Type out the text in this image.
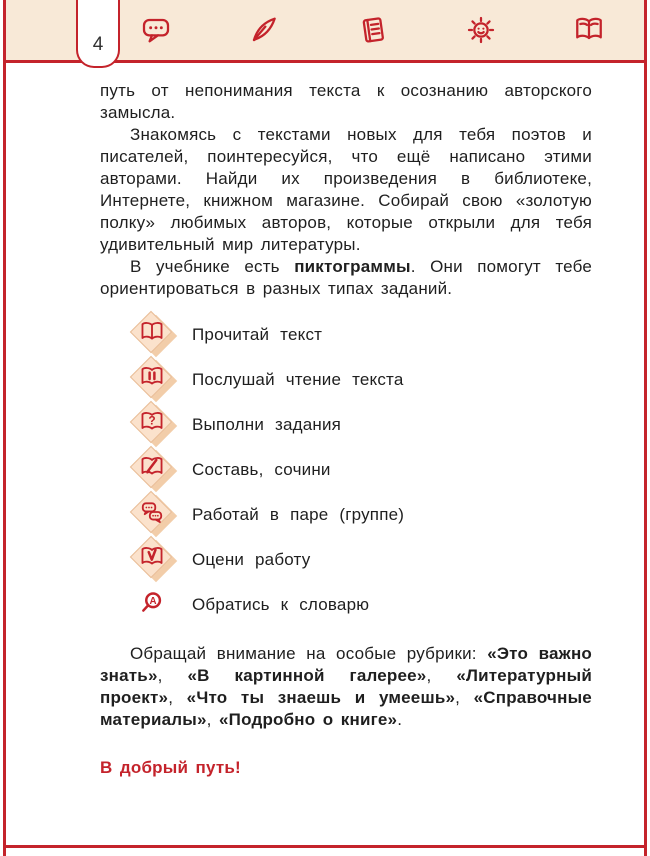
4

путь от непонимания текста к осознанию авторского замысла.

Знакомясь с текстами новых для тебя поэтов и писателей, поинтересуйся, что ещё написано этими авторами. Найди их произведения в библиотеке, Интернете, книжном магазине. Собирай свою «золотую полку» любимых авторов, которые открыли для тебя удивительный мир литературы.

В учебнике есть пиктограммы. Они помогут тебе ориентироваться в разных типах заданий.

Прочитай текст
Послушай чтение текста
? Выполни задания
Составь, сочини
Работай в паре (группе)
Оцени работу
A Обратись к словарю

Обращай внимание на особые рубрики: «Это важно знать», «В картинной галерее», «Литературный проект», «Что ты знаешь и умеешь», «Справочные материалы», «Подробно о книге».

В добрый путь!
